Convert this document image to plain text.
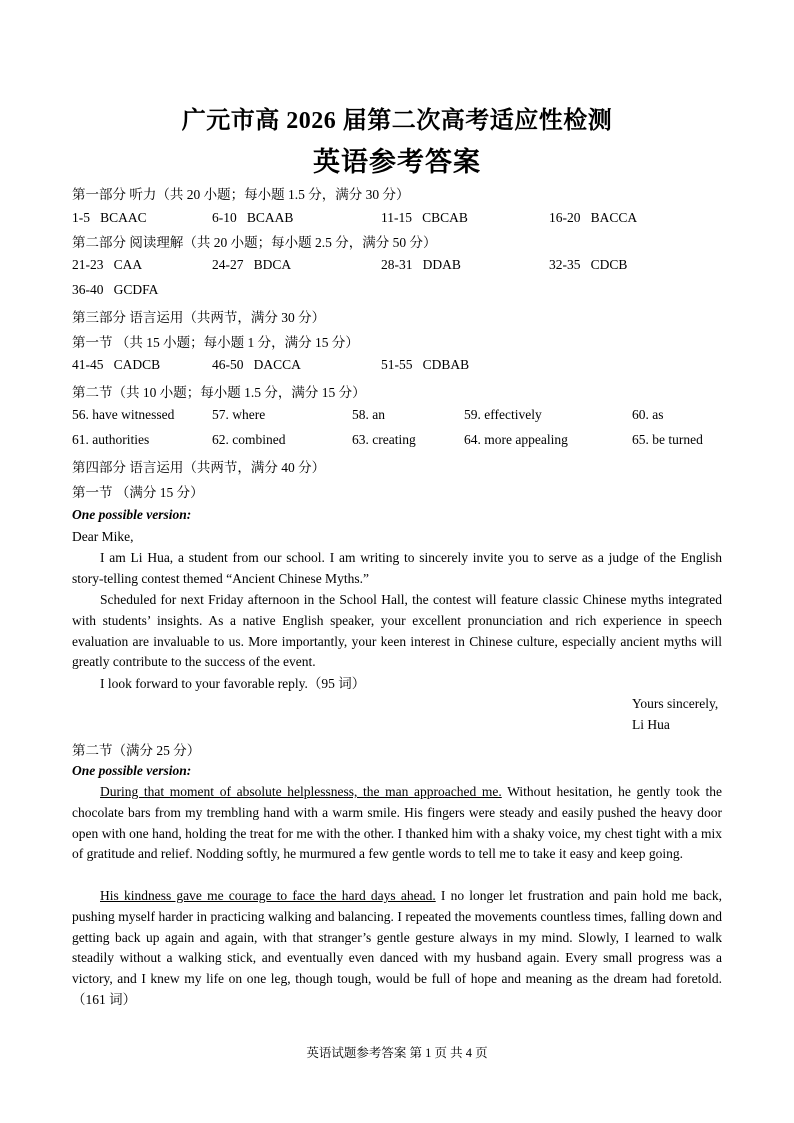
广元市高 2026 届第二次高考适应性检测
英语参考答案
第一部分 听力（共 20 小题；每小题 1.5 分，满分 30 分）
1-5 BCAAC	6-10 BCAAB	11-15 CBCAB	16-20 BACCA
第二部分 阅读理解（共 20 小题；每小题 2.5 分，满分 50 分）
21-23 CAA	24-27 BDCA	28-31 DDAB	32-35 CDCB
36-40 GCDFA
第三部分 语言运用（共两节，满分 30 分）
第一节 （共 15 小题；每小题 1 分，满分 15 分）
41-45 CADCB	46-50 DACCA	51-55 CDBAB
第二节（共 10 小题；每小题 1.5 分，满分 15 分）
56. have witnessed	57. where	58. an	59. effectively	60. as
61. authorities	62. combined	63. creating	64. more appealing	65. be turned
第四部分 语言运用（共两节，满分 40 分）
第一节 （满分 15 分）
One possible version:
Dear Mike,
I am Li Hua, a student from our school. I am writing to sincerely invite you to serve as a judge of the English story-telling contest themed “Ancient Chinese Myths.”
Scheduled for next Friday afternoon in the School Hall, the contest will feature classic Chinese myths integrated with students’ insights. As a native English speaker, your excellent pronunciation and rich experience in speech evaluation are invaluable to us. More importantly, your keen interest in Chinese culture, especially ancient myths will greatly contribute to the success of the event.
I look forward to your favorable reply.（95 词）
Yours sincerely,
Li Hua
第二节（满分 25 分）
One possible version:
During that moment of absolute helplessness, the man approached me. Without hesitation, he gently took the chocolate bars from my trembling hand with a warm smile. His fingers were steady and easily pushed the heavy door open with one hand, holding the treat for me with the other. I thanked him with a shaky voice, my chest tight with a mix of gratitude and relief. Nodding softly, he murmured a few gentle words to tell me to take it easy and keep going.
His kindness gave me courage to face the hard days ahead. I no longer let frustration and pain hold me back, pushing myself harder in practicing walking and balancing. I repeated the movements countless times, falling down and getting back up again and again, with that stranger’s gentle gesture always in my mind. Slowly, I learned to walk steadily without a walking stick, and eventually even danced with my husband again. Every small progress was a victory, and I knew my life on one leg, though tough, would be full of hope and meaning as the dream had foretold.（161 词）
英语试题参考答案 第 1 页 共 4 页
